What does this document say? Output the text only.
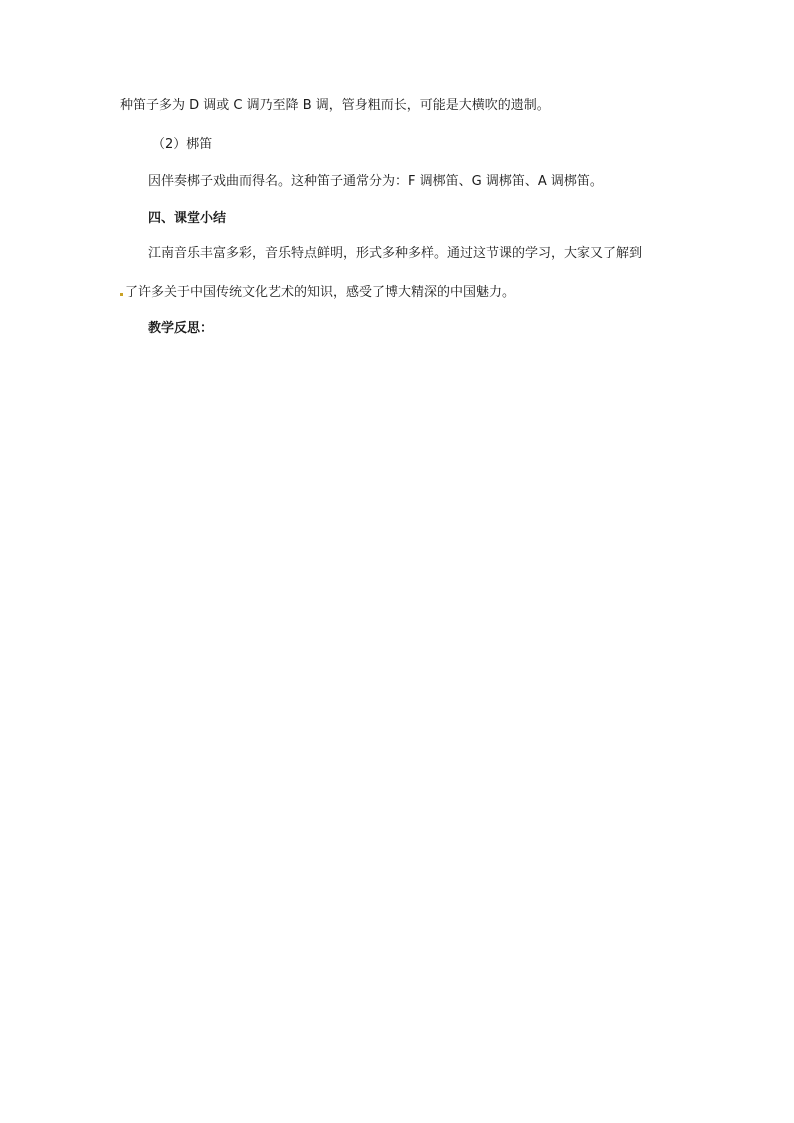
种笛子多为 D 调或 C 调乃至降 B 调，管身粗而长，可能是大横吹的遗制。
（2）梆笛
因伴奏梆子戏曲而得名。这种笛子通常分为：F 调梆笛、G 调梆笛、A 调梆笛。
四、课堂小结
江南音乐丰富多彩，音乐特点鲜明，形式多种多样。通过这节课的学习，大家又了解到
了许多关于中国传统文化艺术的知识，感受了博大精深的中国魅力。
教学反思：
